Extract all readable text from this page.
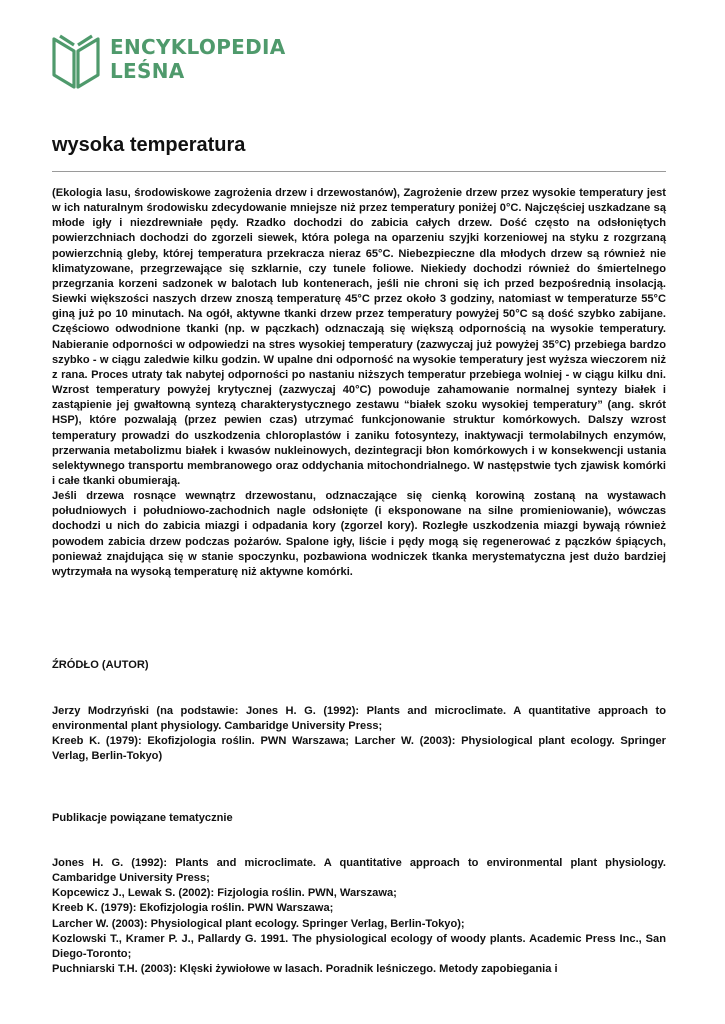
ENCYKLOPEDIA
LEŚNA
wysoka temperatura

(Ekologia lasu, środowiskowe zagrożenia drzew i drzewostanów), Zagrożenie drzew przez wysokie temperatury jest w ich naturalnym środowisku zdecydowanie mniejsze niż przez temperatury poniżej 0°C. Najczęściej uszkadzane są młode igły i niezdrewniałe pędy. Rzadko dochodzi do zabicia całych drzew. Dość często na odsłoniętych powierzchniach dochodzi do zgorzeli siewek, która polega na oparzeniu szyjki korzeniowej na styku z rozgrzaną powierzchnią gleby, której temperatura przekracza nieraz 65°C. Niebezpieczne dla młodych drzew są również nie klimatyzowane, przegrzewające się szklarnie, czy tunele foliowe. Niekiedy dochodzi również do śmiertelnego przegrzania korzeni sadzonek w balotach lub kontenerach, jeśli nie chroni się ich przed bezpośrednią insolacją. Siewki większości naszych drzew znoszą temperaturę 45°C przez około 3 godziny, natomiast w temperaturze 55°C giną już po 10 minutach. Na ogół, aktywne tkanki drzew przez temperatury powyżej 50°C są dość szybko zabijane. Częściowo odwodnione tkanki (np. w pączkach) odznaczają się większą odpornością na wysokie temperatury. Nabieranie odporności w odpowiedzi na stres wysokiej temperatury (zazwyczaj już powyżej 35°C) przebiega bardzo szybko - w ciągu zaledwie kilku godzin. W upalne dni odporność na wysokie temperatury jest wyższa wieczorem niż z rana. Proces utraty tak nabytej odporności po nastaniu niższych temperatur przebiega wolniej - w ciągu kilku dni. Wzrost temperatury powyżej krytycznej (zazwyczaj 40°C) powoduje zahamowanie normalnej syntezy białek i zastąpienie jej gwałtowną syntezą charakterystycznego zestawu “białek szoku wysokiej temperatury” (ang. skrót HSP), które pozwalają (przez pewien czas) utrzymać funkcjonowanie struktur komórkowych. Dalszy wzrost temperatury prowadzi do uszkodzenia chloroplastów i zaniku fotosyntezy, inaktywacji termolabilnych enzymów, przerwania metabolizmu białek i kwasów nukleinowych, dezintegracji błon komórkowych i w konsekwencji ustania selektywnego transportu membranowego oraz oddychania mitochondrialnego. W następstwie tych zjawisk komórki i całe tkanki obumierają.

Jeśli drzewa rosnące wewnątrz drzewostanu, odznaczające się cienką korowiną zostaną na wystawach południowych i południowo-zachodnich nagle odsłonięte (i eksponowane na silne promieniowanie), wówczas dochodzi u nich do zabicia miazgi i odpadania kory (zgorzel kory). Rozległe uszkodzenia miazgi bywają również powodem zabicia drzew podczas pożarów. Spalone igły, liście i pędy mogą się regenerować z pączków śpiących, ponieważ znajdująca się w stanie spoczynku, pozbawiona wodniczek tkanka merystematyczna jest dużo bardziej wytrzymała na wysoką temperaturę niż aktywne komórki.

ŹRÓDŁO (AUTOR)

Jerzy Modrzyński (na podstawie: Jones H. G. (1992): Plants and microclimate. A quantitative approach to environmental plant physiology. Cambaridge University Press;

Kreeb K. (1979): Ekofizjologia roślin. PWN Warszawa; Larcher W. (2003): Physiological plant ecology. Springer Verlag, Berlin-Tokyo)

Publikacje powiązane tematycznie

Jones H. G. (1992): Plants and microclimate. A quantitative approach to environmental plant physiology. Cambaridge University Press;

Kopcewicz J., Lewak S. (2002): Fizjologia roślin. PWN, Warszawa;

Kreeb K. (1979): Ekofizjologia roślin. PWN Warszawa;

Larcher W. (2003): Physiological plant ecology. Springer Verlag, Berlin-Tokyo);

Kozlowski T., Kramer P. J., Pallardy G. 1991. The physiological ecology of woody plants. Academic Press Inc., San Diego-Toronto;

Puchniarski T.H. (2003): Klęski żywiołowe w lasach. Poradnik leśniczego. Metody zapobiegania i
